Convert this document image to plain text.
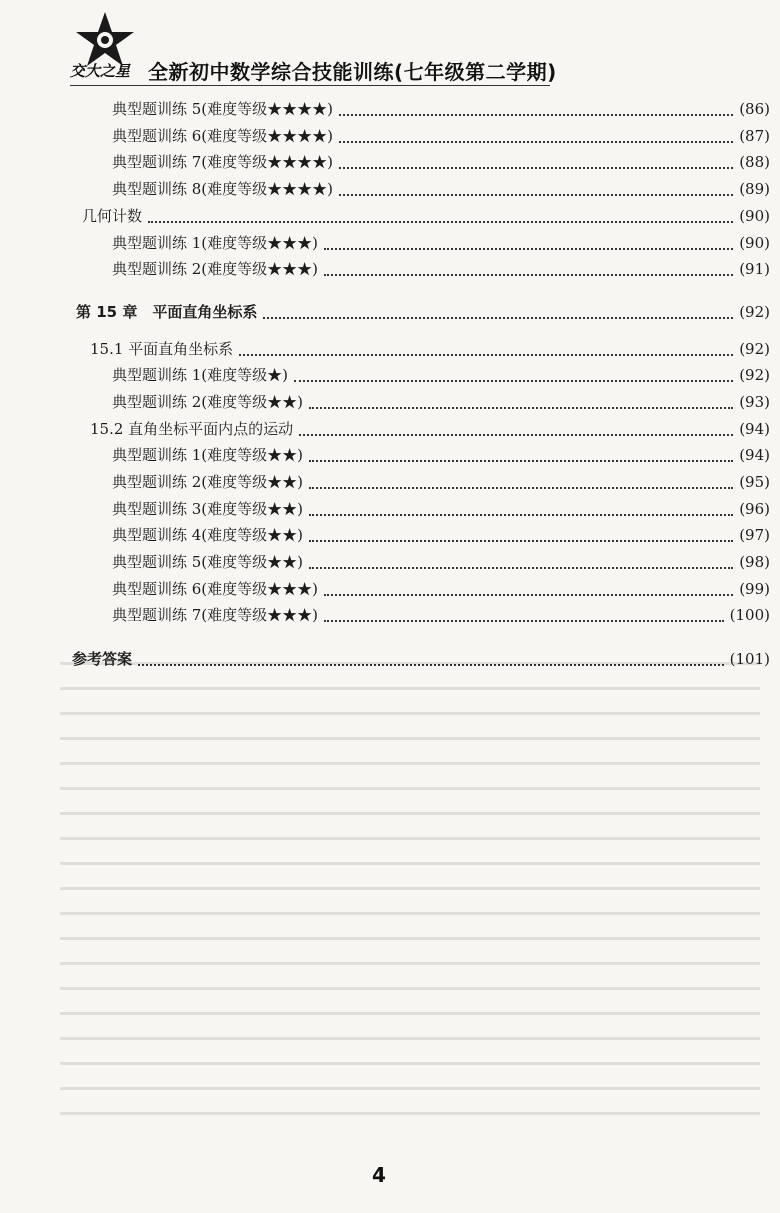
交大之星 全新初中数学综合技能训练(七年级第二学期)
典型题训练 5(难度等级★★★★)	(86)
典型题训练 6(难度等级★★★★)	(87)
典型题训练 7(难度等级★★★★)	(88)
典型题训练 8(难度等级★★★★)	(89)
几何计数	(90)
典型题训练 1(难度等级★★★)	(90)
典型题训练 2(难度等级★★★)	(91)
第 15 章　平面直角坐标系	(92)
15.1 平面直角坐标系	(92)
典型题训练 1(难度等级★)	(92)
典型题训练 2(难度等级★★)	(93)
15.2 直角坐标平面内点的运动	(94)
典型题训练 1(难度等级★★)	(94)
典型题训练 2(难度等级★★)	(95)
典型题训练 3(难度等级★★)	(96)
典型题训练 4(难度等级★★)	(97)
典型题训练 5(难度等级★★)	(98)
典型题训练 6(难度等级★★★)	(99)
典型题训练 7(难度等级★★★)	(100)
参考答案	(101)
4
